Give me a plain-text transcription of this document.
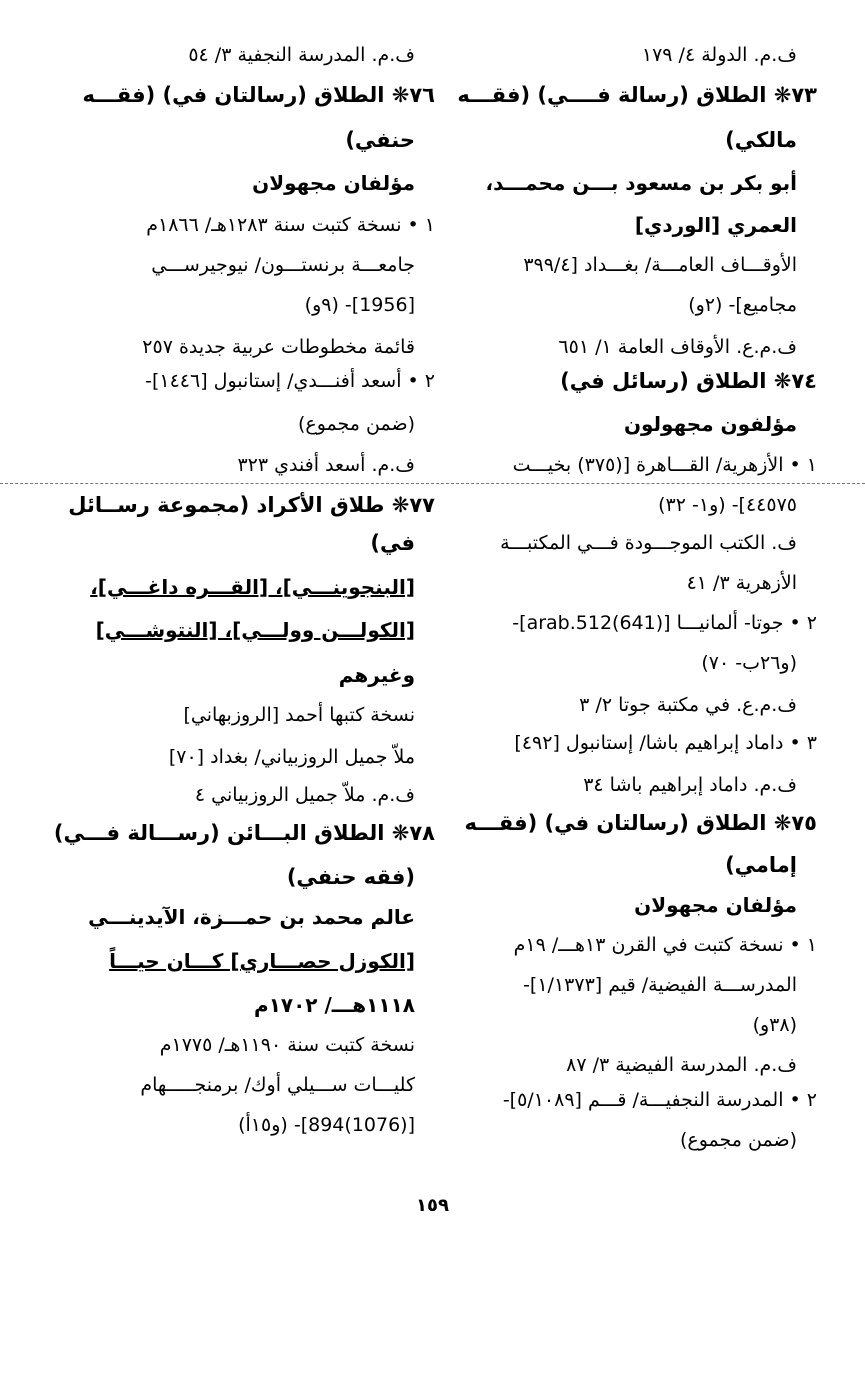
ف.م. الدولة ٤/ ١٧٩
٧٣❋ الطلاق (رسالة فــــي) (فقـــه
مالكي)
أبو بكر بن مسعود بـــن محمـــد،
العمري [الوردي]
الأوقـــاف العامـــة/ بغـــداد [٣٩٩/٤
مجاميع]- (٢و)
ف.م.ع. الأوقاف العامة ١/ ٦٥١
٧٤❋ الطلاق (رسائل في)
مؤلفون مجهولون
١ • الأزهرية/ القـــاهرة [(٣٧٥) بخيـــت
٤٤٥٧٥]- (و١- ٣٢)
ف. الكتب الموجـــودة فـــي المكتبـــة
الأزهرية ٣/ ٤١
٢ • جوتا- ألمانيـــا [(641)arab.512]-
(و٢٦ب- ٧٠)
ف.م.ع. في مكتبة جوتا ٢/ ٣
٣ • داماد إبراهيم باشا/ إستانبول [٤٩٢]
ف.م. داماد إبراهيم باشا ٣٤
٧٥❋ الطلاق (رسالتان في) (فقـــه
إمامي)
مؤلفان مجهولان
١ • نسخة كتبت في القرن ١٣هـــ/ ١٩م
المدرســـة الفيضية/ قيم [١/١٣٧٣]-
(٣٨و)
ف.م. المدرسة الفيضية ٣/ ٨٧
٢ • المدرسة النجفيـــة/ قـــم [٥/١٠٨٩]-
(ضمن مجموع)
ف.م. المدرسة النجفية ٣/ ٥٤
٧٦❋ الطلاق (رسالتان في) (فقـــه
حنفي)
مؤلفان مجهولان
١ • نسخة كتبت سنة ١٢٨٣هـ/ ١٨٦٦م
جامعـــة برنستـــون/ نيوجيرســـي
[1956]- (٩و)
قائمة مخطوطات عربية جديدة ٢٥٧
٢ • أسعد أفنـــدي/ إستانبول [١٤٤٦]-
(ضمن مجموع)
ف.م. أسعد أفندي ٣٢٣
٧٧❋ طلاق الأكراد (مجموعة رســائل
في)
[البنجوينـــي]، [القـــره داغـــي]،
[الكولـــن وولـــي]، [النتوشـــي]
وغيرهم
نسخة كتبها أحمد [الروزبهاني]
ملاّ جميل الروزبياني/ بغداد [٧٠]
ف.م. ملاّ جميل الروزبياني ٤
٧٨❋ الطلاق البـــائن (رســـالة فـــي)
(فقه حنفي)
عالم محمد بن حمـــزة، الآيدينـــي
[الكوزل حصـــاري] كـــان حيـــاً
١١١٨هـــ/ ١٧٠٢م
نسخة كتبت سنة ١١٩٠هـ/ ١٧٧٥م
كليـــات ســـيلي أوك/ برمنجـــــهام
[(1076)894]- (و١٥أ)
١٥٩
